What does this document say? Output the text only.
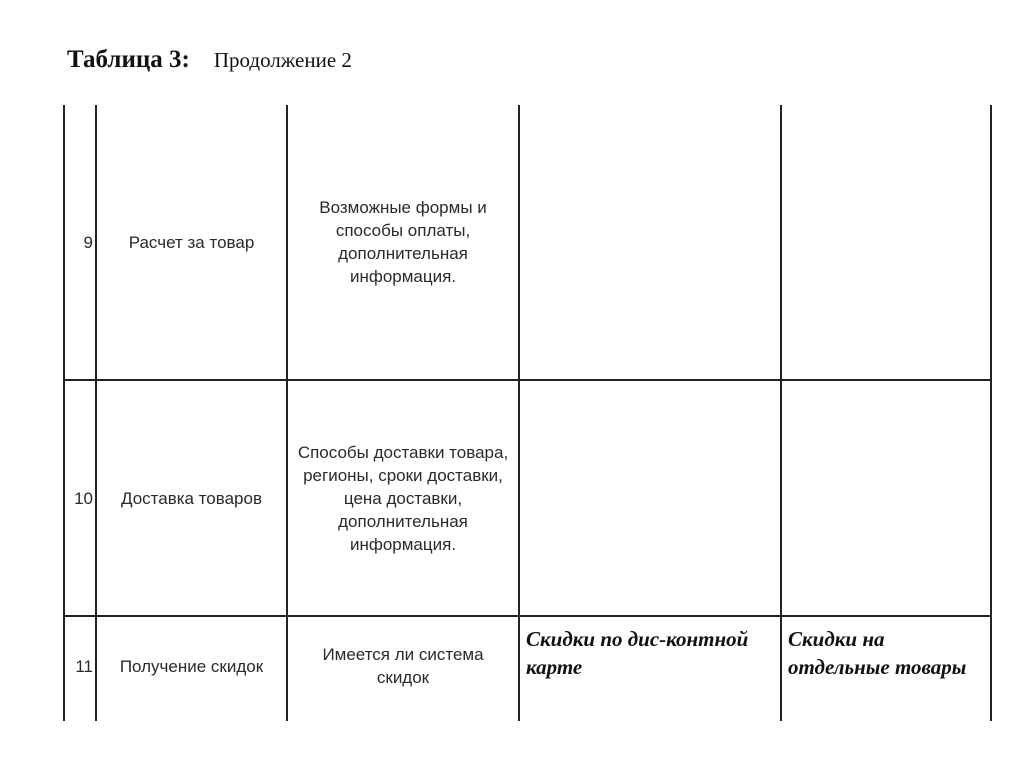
Таблица 3: Продолжение 2
9	Расчет за товар	Возможные формы и способы оплаты, дополнительная информация.	

10	Доставка товаров	Способы доставки товара, регионы, сроки доставки, цена доставки, дополнительная информация.	

11	Получение скидок	Имеется ли система скидок	Скидки по дис-контной карте	Скидки на отдельные товары
